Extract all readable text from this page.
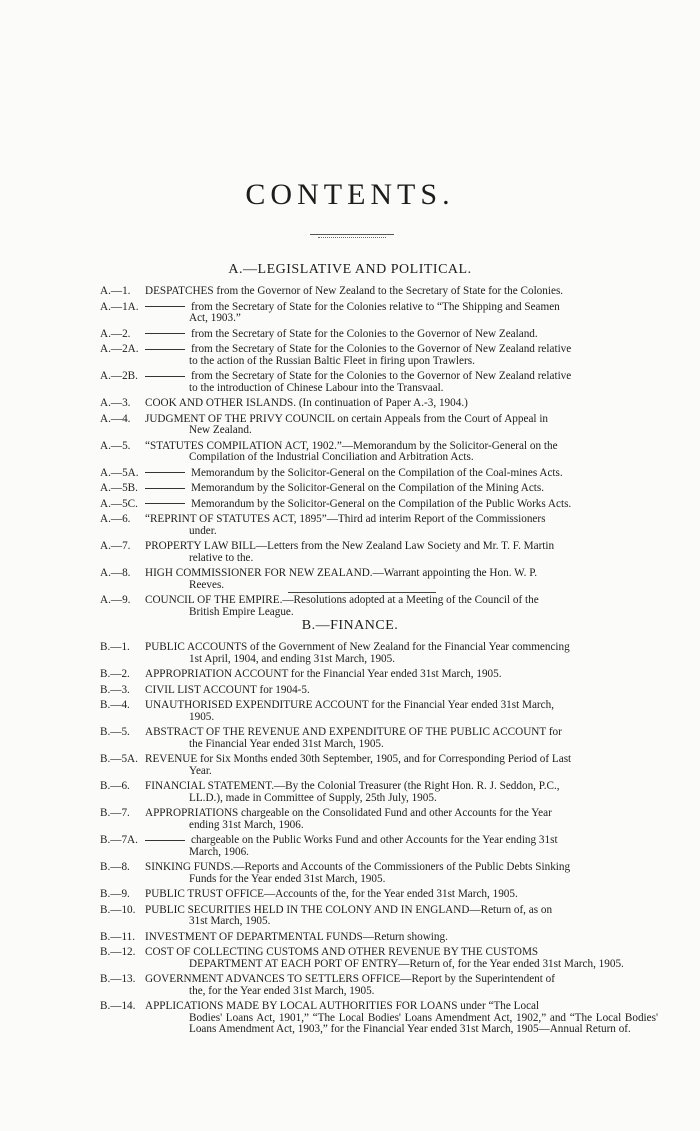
CONTENTS.
A.—LEGISLATIVE AND POLITICAL.
A.—1.	DESPATCHES from the Governor of New Zealand to the Secretary of State for the Colonies.
A.—1A.	from the Secretary of State for the Colonies relative to “The Shipping and Seamen
Act, 1903.”
A.—2.	from the Secretary of State for the Colonies to the Governor of New Zealand.
A.—2A.	from the Secretary of State for the Colonies to the Governor of New Zealand relative
to the action of the Russian Baltic Fleet in firing upon Trawlers.
A.—2B.	from the Secretary of State for the Colonies to the Governor of New Zealand relative
to the introduction of Chinese Labour into the Transvaal.
A.—3.	COOK AND OTHER ISLANDS. (In continuation of Paper A.-3, 1904.)
A.—4.	JUDGMENT OF THE PRIVY COUNCIL on certain Appeals from the Court of Appeal in
New Zealand.
A.—5.	“STATUTES COMPILATION ACT, 1902.”—Memorandum by the Solicitor-General on the
Compilation of the Industrial Conciliation and Arbitration Acts.
A.—5A.	Memorandum by the Solicitor-General on the Compilation of the Coal-mines Acts.
A.—5B.	Memorandum by the Solicitor-General on the Compilation of the Mining Acts.
A.—5C.	Memorandum by the Solicitor-General on the Compilation of the Public Works Acts.
A.—6.	“REPRINT OF STATUTES ACT, 1895”—Third ad interim Report of the Commissioners
under.
A.—7.	PROPERTY LAW BILL—Letters from the New Zealand Law Society and Mr. T. F. Martin
relative to the.
A.—8.	HIGH COMMISSIONER FOR NEW ZEALAND.—Warrant appointing the Hon. W. P.
Reeves.
A.—9.	COUNCIL OF THE EMPIRE.—Resolutions adopted at a Meeting of the Council of the
British Empire League.
B.—FINANCE.
B.—1.	PUBLIC ACCOUNTS of the Government of New Zealand for the Financial Year commencing
1st April, 1904, and ending 31st March, 1905.
B.—2.	APPROPRIATION ACCOUNT for the Financial Year ended 31st March, 1905.
B.—3.	CIVIL LIST ACCOUNT for 1904-5.
B.—4.	UNAUTHORISED EXPENDITURE ACCOUNT for the Financial Year ended 31st March,
1905.
B.—5.	ABSTRACT OF THE REVENUE AND EXPENDITURE OF THE PUBLIC ACCOUNT for
the Financial Year ended 31st March, 1905.
B.—5A. REVENUE for Six Months ended 30th September, 1905, and for Corresponding Period of Last
Year.
B.—6.	FINANCIAL STATEMENT.—By the Colonial Treasurer (the Right Hon. R. J. Seddon, P.C.,
LL.D.), made in Committee of Supply, 25th July, 1905.
B.—7.	APPROPRIATIONS chargeable on the Consolidated Fund and other Accounts for the Year
ending 31st March, 1906.
B.—7A.	chargeable on the Public Works Fund and other Accounts for the Year ending 31st
March, 1906.
B.—8.	SINKING FUNDS.—Reports and Accounts of the Commissioners of the Public Debts Sinking
Funds for the Year ended 31st March, 1905.
B.—9.	PUBLIC TRUST OFFICE—Accounts of the, for the Year ended 31st March, 1905.
B.—10. PUBLIC SECURITIES HELD IN THE COLONY AND IN ENGLAND—Return of, as on
31st March, 1905.
B.—11. INVESTMENT OF DEPARTMENTAL FUNDS—Return showing.
B.—12. COST OF COLLECTING CUSTOMS AND OTHER REVENUE BY THE CUSTOMS
DEPARTMENT AT EACH PORT OF ENTRY—Return of, for the Year ended 31st March, 1905.
B.—13. GOVERNMENT ADVANCES TO SETTLERS OFFICE—Report by the Superintendent of
the, for the Year ended 31st March, 1905.
B.—14. APPLICATIONS MADE BY LOCAL AUTHORITIES FOR LOANS under “The Local
Bodies' Loans Act, 1901,” “The Local Bodies' Loans Amendment Act, 1902,” and “The Local Bodies' Loans Amendment Act, 1903,” for the Financial Year ended 31st March, 1905—Annual Return of.
